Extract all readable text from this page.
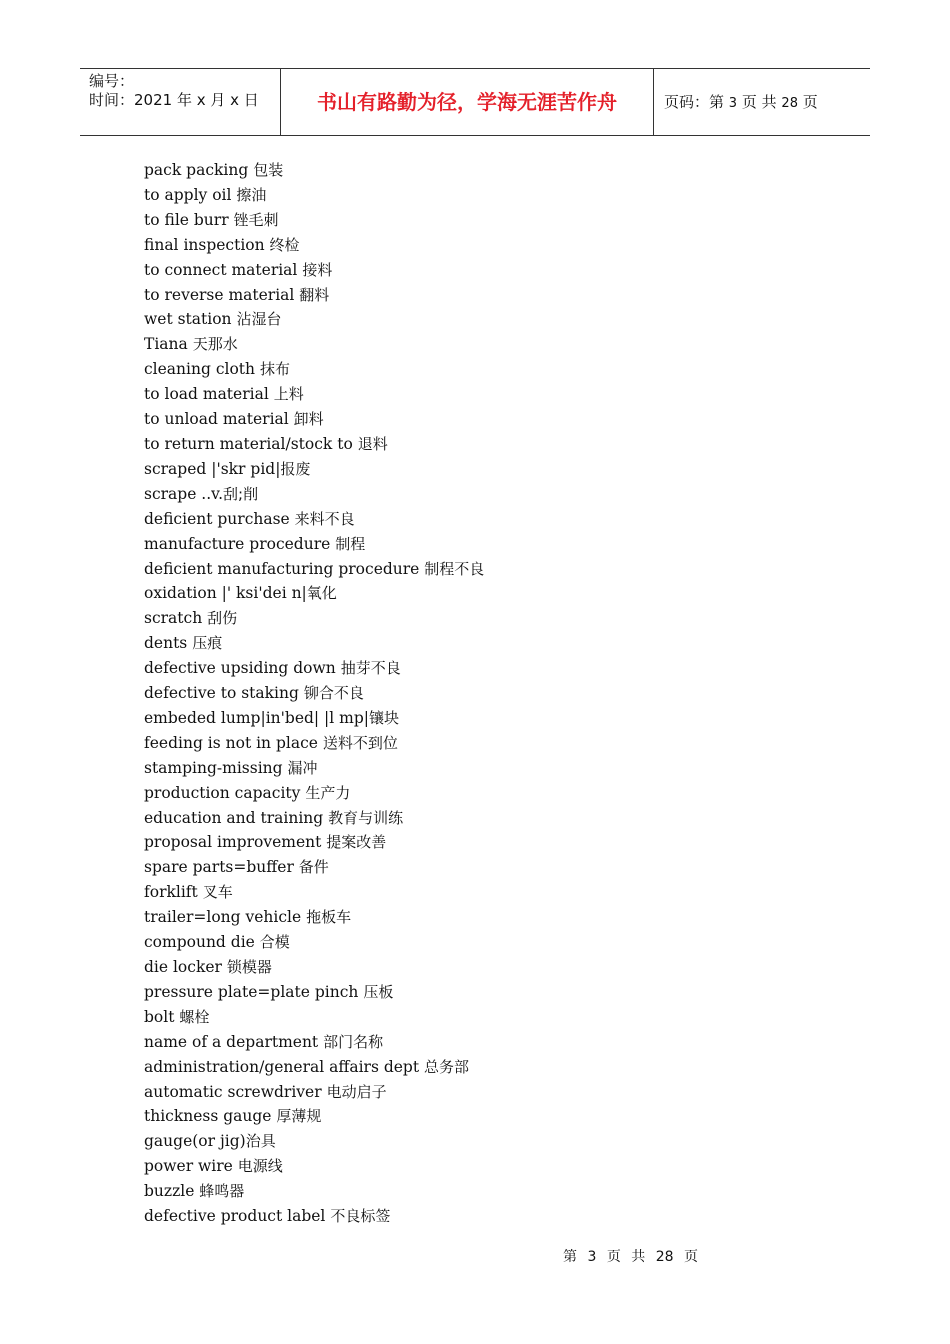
编号：
时间：2021 年 x 月 x 日	书山有路勤为径，学海无涯苦作舟	页码：第 3 页 共 28 页
pack packing 包装
to apply oil 擦油
to file burr 锉毛刺
final inspection 终检
to connect material 接料
to reverse material 翻料
wet station 沾湿台
Tiana 天那水
cleaning cloth 抹布
to load material 上料
to unload material 卸料
to return material/stock to 退料
scraped |'skr pid|报废
scrape ..v.刮;削
deficient purchase 来料不良
manufacture procedure 制程
deficient manufacturing procedure 制程不良
oxidation |' ksi'dei n|氧化
scratch 刮伤
dents 压痕
defective upsiding down 抽芽不良
defective to staking 铆合不良
embeded lump|in'bed| |l mp|镶块
feeding is not in place 送料不到位
stamping-missing 漏冲
production capacity 生产力
education and training 教育与训练
proposal improvement 提案改善
spare parts=buffer 备件
forklift 叉车
trailer=long vehicle 拖板车
compound die 合模
die locker 锁模器
pressure plate=plate pinch 压板
bolt 螺栓
name of a department 部门名称
administration/general affairs dept 总务部
automatic screwdriver 电动启子
thickness gauge 厚薄规
gauge(or jig)治具
power wire 电源线
buzzle 蜂鸣器
defective product label 不良标签
第 3 页 共 28 页
